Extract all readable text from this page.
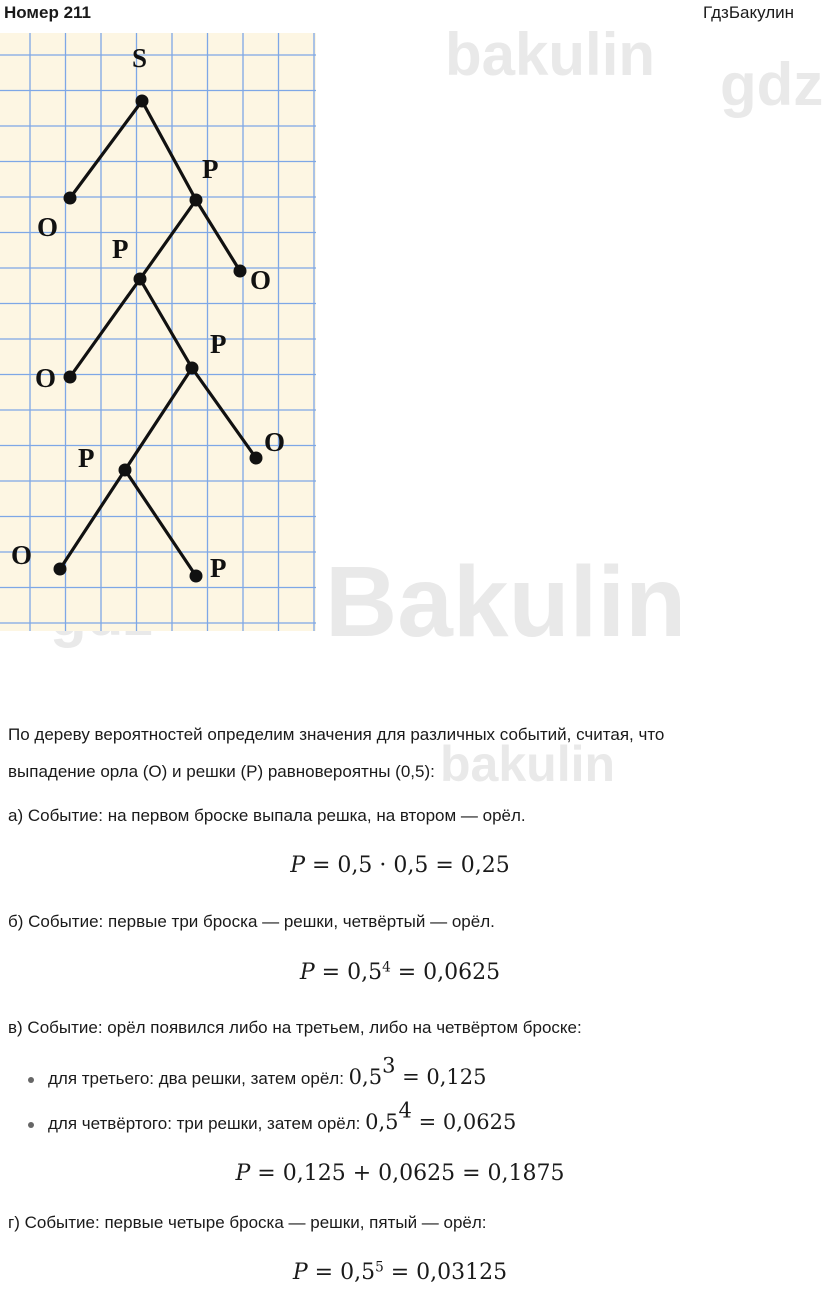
Номер 211	ГдзБакулин
bakulin
Bakulin
bakulin
gdz
S
O
P
O
P
O
P
O
P
O	P
По дереву вероятностей определим значения для различных событий, считая, что
выпадение орла (О) и решки (Р) равновероятны (0,5):
а) Событие: на первом броске выпала решка, на втором — орёл.
P = 0,5 · 0,5 = 0,25
б) Событие: первые три броска — решки, четвёртый — орёл.
$P = 0,5^4 = 0,0625$
в) Событие: орёл появился либо на третьем, либо на четвёртом броске:
для третьего: два решки, затем орёл: $0,5^3 = 0,125$
для четвёртого: три решки, затем орёл: $0,5^4 = 0,0625$
P = 0,125 + 0,0625 = 0,1875
г) Событие: первые четыре броска — решки, пятый — орёл:
$P = 0,5^5 = 0,03125$
